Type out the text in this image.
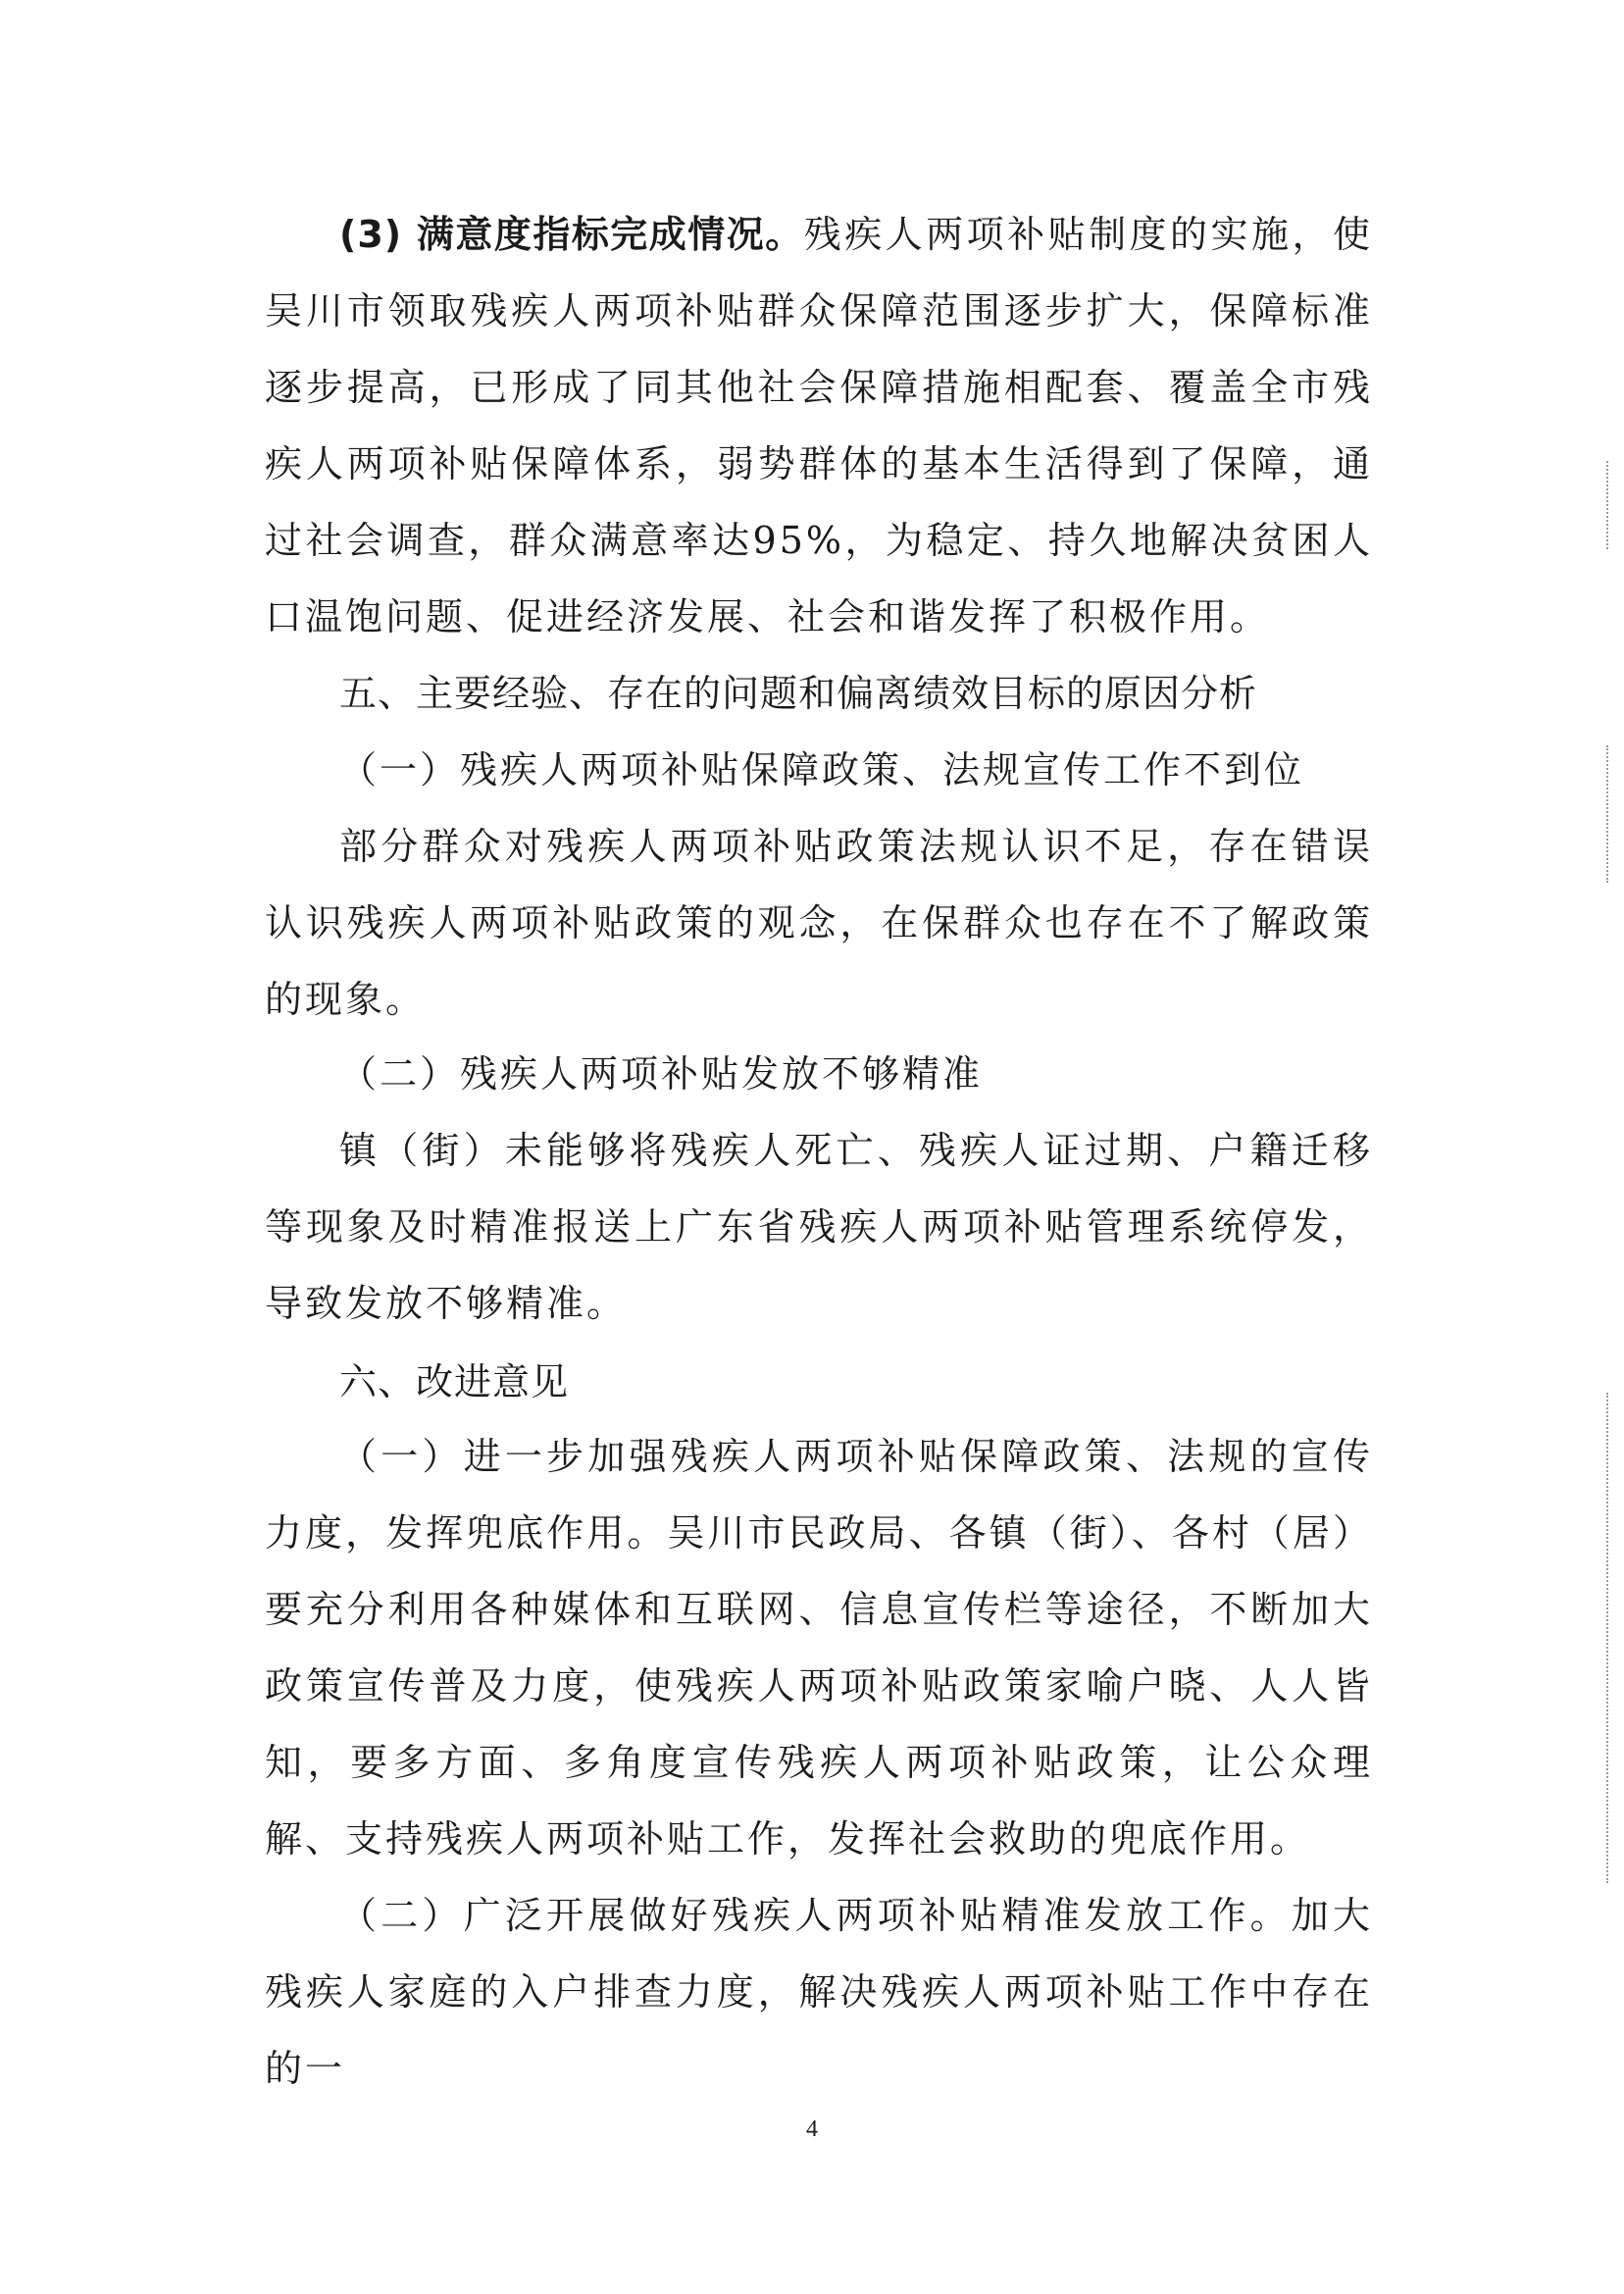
(3) 满意度指标完成情况。残疾人两项补贴制度的实施，使吴川市领取残疾人两项补贴群众保障范围逐步扩大，保障标准逐步提高，已形成了同其他社会保障措施相配套、覆盖全市残疾人两项补贴保障体系，弱势群体的基本生活得到了保障，通过社会调查，群众满意率达95%，为稳定、持久地解决贫困人口温饱问题、促进经济发展、社会和谐发挥了积极作用。

五、主要经验、存在的问题和偏离绩效目标的原因分析

（一）残疾人两项补贴保障政策、法规宣传工作不到位

部分群众对残疾人两项补贴政策法规认识不足，存在错误认识残疾人两项补贴政策的观念，在保群众也存在不了解政策的现象。

（二）残疾人两项补贴发放不够精准

镇（街）未能够将残疾人死亡、残疾人证过期、户籍迁移等现象及时精准报送上广东省残疾人两项补贴管理系统停发，导致发放不够精准。

六、改进意见

（一）进一步加强残疾人两项补贴保障政策、法规的宣传力度，发挥兜底作用。吴川市民政局、各镇（街）、各村（居）要充分利用各种媒体和互联网、信息宣传栏等途径，不断加大政策宣传普及力度，使残疾人两项补贴政策家喻户晓、人人皆知，要多方面、多角度宣传残疾人两项补贴政策，让公众理解、支持残疾人两项补贴工作，发挥社会救助的兜底作用。

（二）广泛开展做好残疾人两项补贴精准发放工作。加大残疾人家庭的入户排查力度，解决残疾人两项补贴工作中存在的一

4
